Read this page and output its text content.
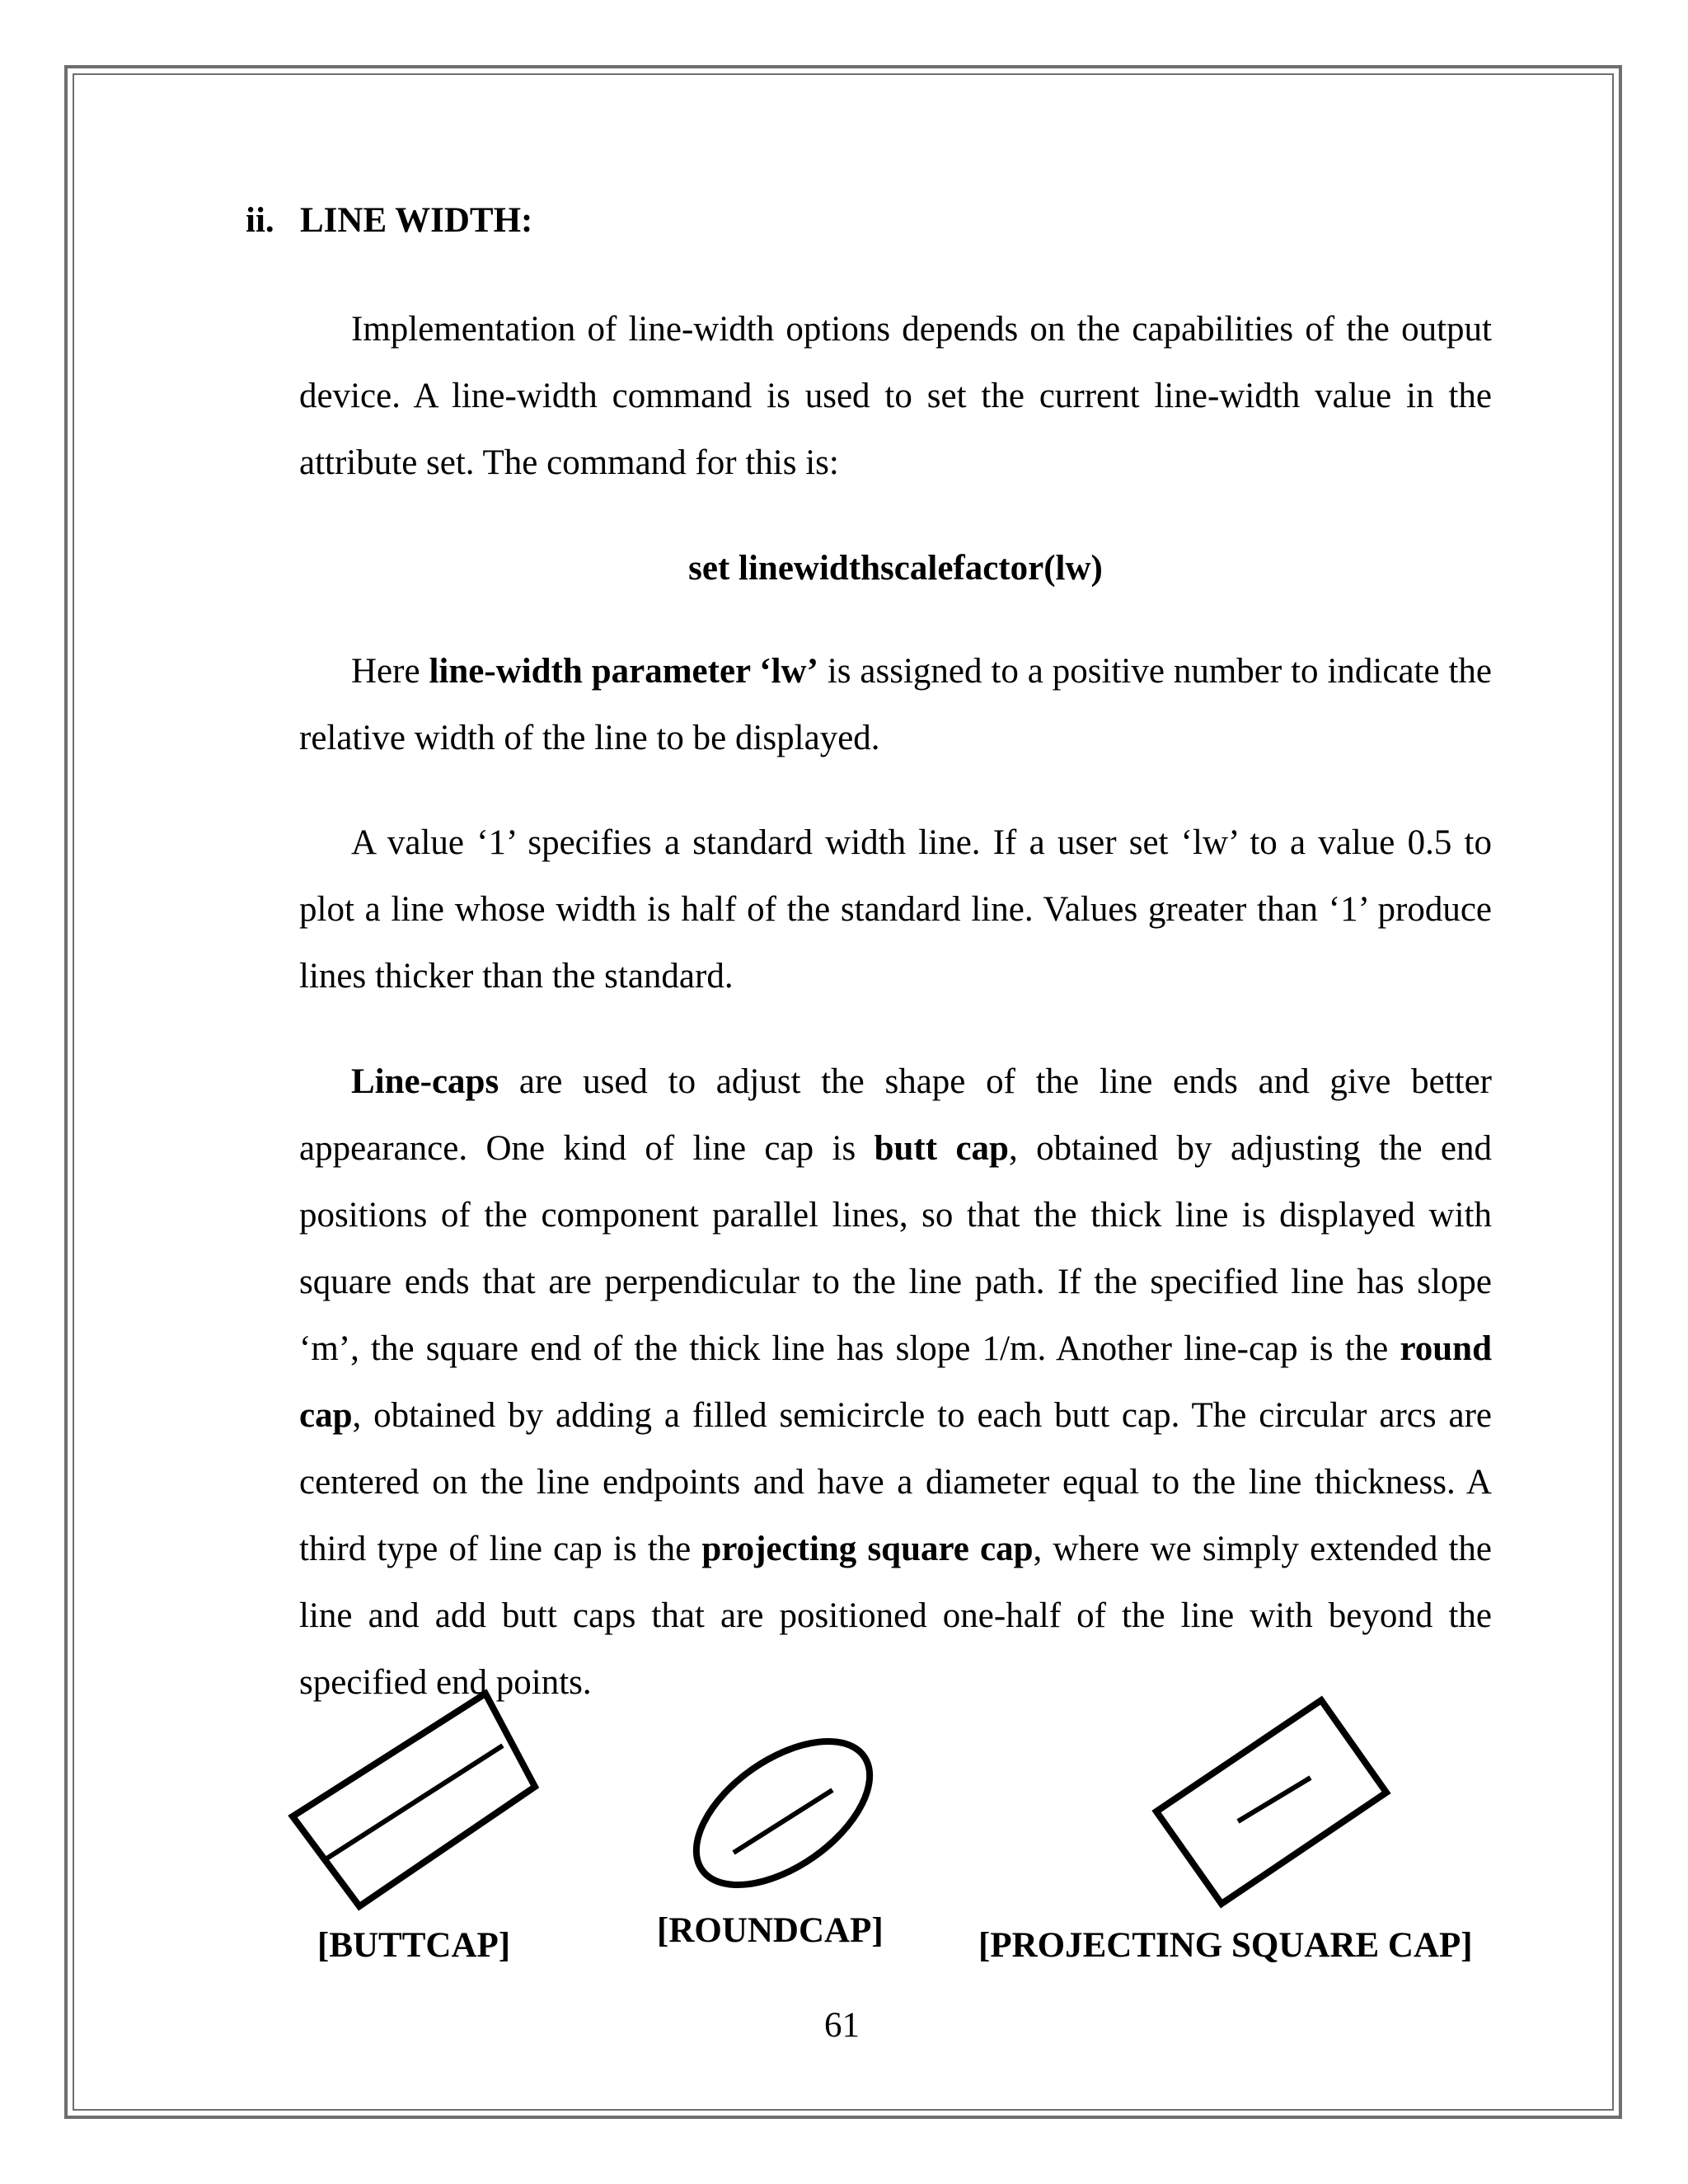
ii. LINE WIDTH:

Implementation of line-width options depends on the capabilities of the output device. A line-width command is used to set the current line-width value in the attribute set. The command for this is:

set linewidthscalefactor(lw)

Here line-width parameter ‘lw’ is assigned to a positive number to indicate the relative width of the line to be displayed.

A value ‘1’ specifies a standard width line. If a user set ‘lw’ to a value 0.5 to plot a line whose width is half of the standard line. Values greater than ‘1’ produce lines thicker than the standard.

Line-caps are used to adjust the shape of the line ends and give better appearance. One kind of line cap is butt cap, obtained by adjusting the end positions of the component parallel lines, so that the thick line is displayed with square ends that are perpendicular to the line path. If the specified line has slope ‘m’, the square end of the thick line has slope 1/m. Another line-cap is the round cap, obtained by adding a filled semicircle to each butt cap. The circular arcs are centered on the line endpoints and have a diameter equal to the line thickness. A third type of line cap is the projecting square cap, where we simply extended the line and add butt caps that are positioned one-half of the line with beyond the specified end points.

[BUTTCAP]	[ROUNDCAP]	[PROJECTING SQUARE CAP]
61
